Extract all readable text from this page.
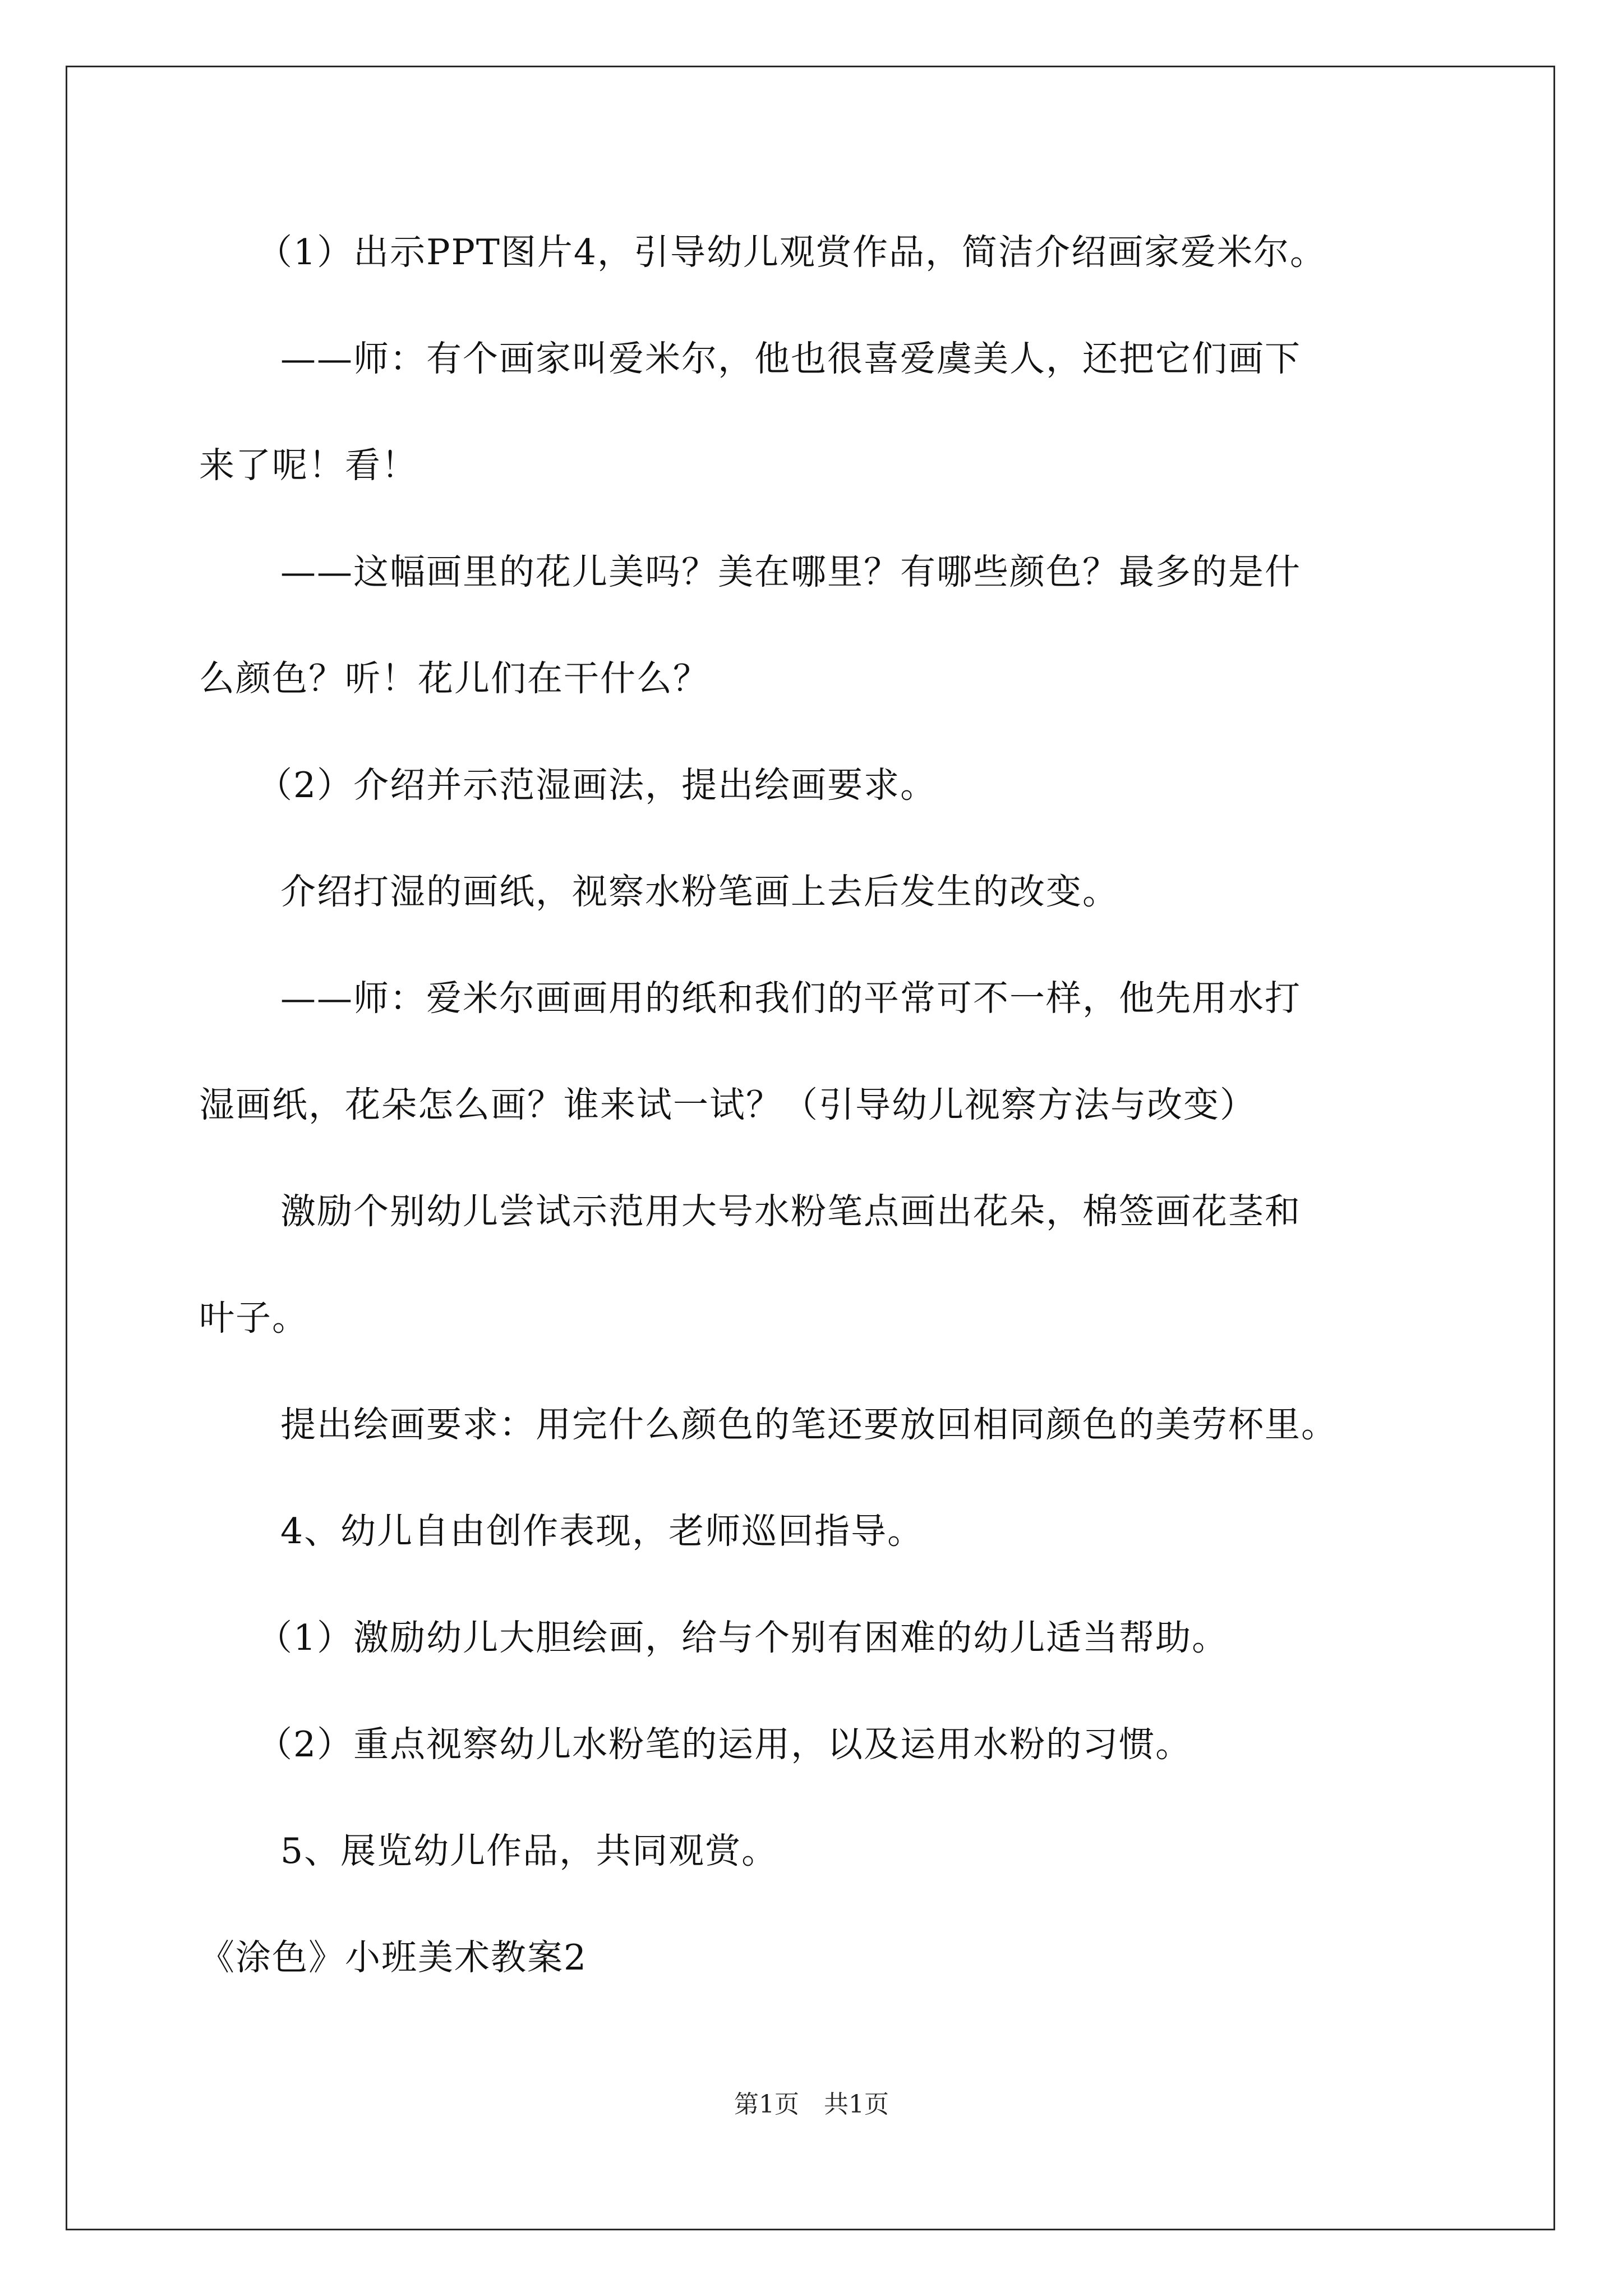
（1）出示PPT图片4，引导幼儿观赏作品，简洁介绍画家爱米尔。
——师：有个画家叫爱米尔，他也很喜爱虞美人，还把它们画下
来了呢！看！
——这幅画里的花儿美吗？美在哪里？有哪些颜色？最多的是什
么颜色？听！花儿们在干什么？
（2）介绍并示范湿画法，提出绘画要求。
介绍打湿的画纸，视察水粉笔画上去后发生的改变。
——师：爱米尔画画用的纸和我们的平常可不一样，他先用水打
湿画纸，花朵怎么画？谁来试一试？（引导幼儿视察方法与改变）
激励个别幼儿尝试示范用大号水粉笔点画出花朵，棉签画花茎和
叶子。
提出绘画要求：用完什么颜色的笔还要放回相同颜色的美劳杯里。
4、幼儿自由创作表现，老师巡回指导。
（1）激励幼儿大胆绘画，给与个别有困难的幼儿适当帮助。
（2）重点视察幼儿水粉笔的运用，以及运用水粉的习惯。
5、展览幼儿作品，共同观赏。
《涂色》小班美术教案2
第1页　共1页
